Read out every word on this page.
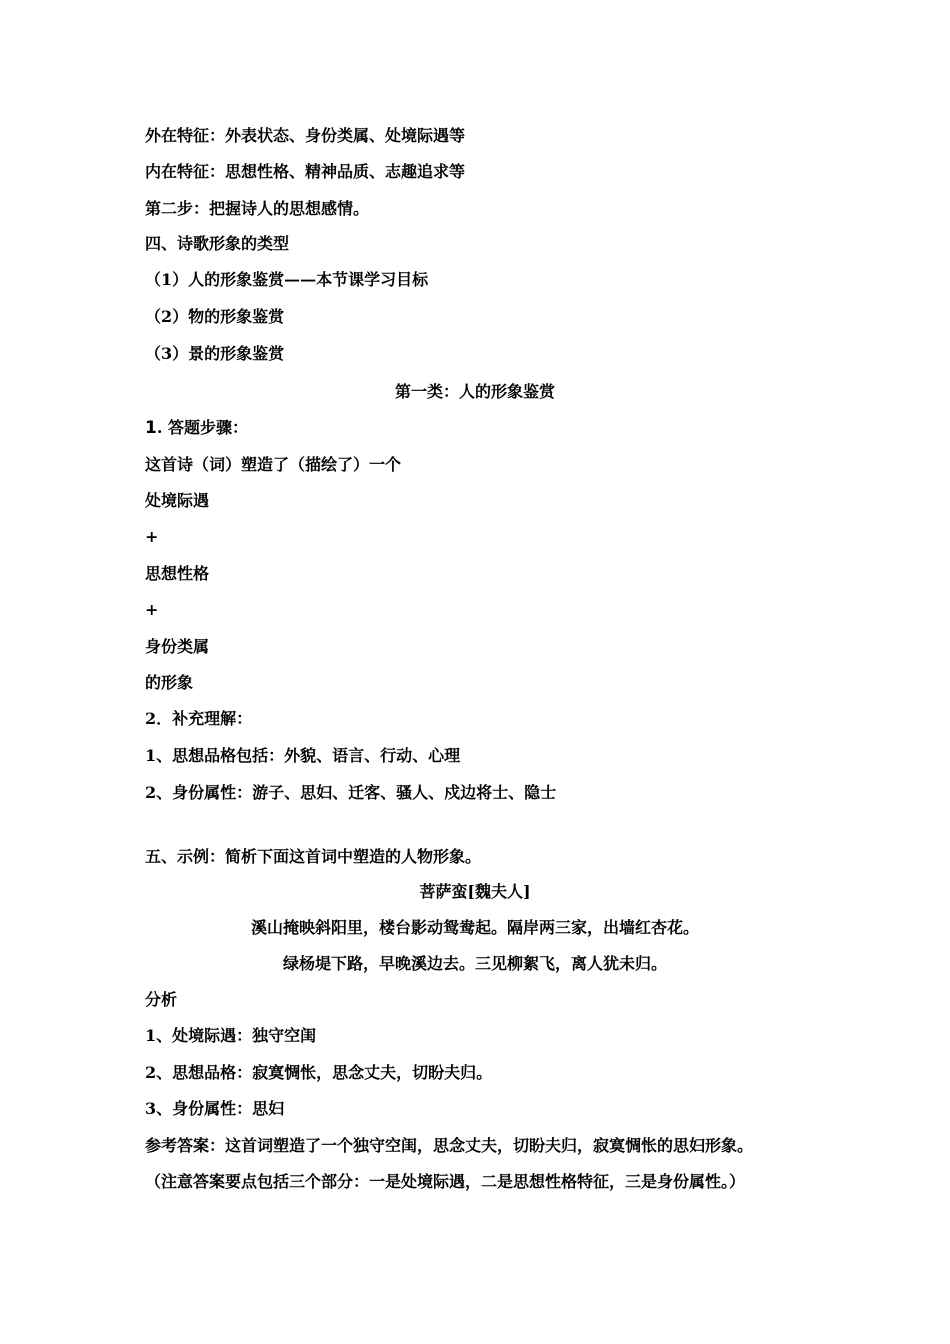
外在特征：外表状态、身份类属、处境际遇等
内在特征：思想性格、精神品质、志趣追求等
第二步：把握诗人的思想感情。
四、诗歌形象的类型
（1）人的形象鉴赏——本节课学习目标
（2）物的形象鉴赏
（3）景的形象鉴赏
第一类：人的形象鉴赏
1. 答题步骤：
这首诗（词）塑造了（描绘了）一个
处境际遇
+
思想性格
+
身份类属
的形象
2．补充理解：
1、思想品格包括：外貌、语言、行动、心理
2、身份属性：游子、思妇、迁客、骚人、戍边将士、隐士
五、示例：简析下面这首词中塑造的人物形象。
菩萨蛮[魏夫人]
溪山掩映斜阳里，楼台影动鸳鸯起。隔岸两三家，出墙红杏花。
绿杨堤下路，早晚溪边去。三见柳絮飞，离人犹未归。
分析
1、处境际遇：独守空闺
2、思想品格：寂寞惆怅，思念丈夫，切盼夫归。
3、身份属性：思妇
参考答案：这首词塑造了一个独守空闺，思念丈夫，切盼夫归，寂寞惆怅的思妇形象。
（注意答案要点包括三个部分：一是处境际遇，二是思想性格特征，三是身份属性。）
